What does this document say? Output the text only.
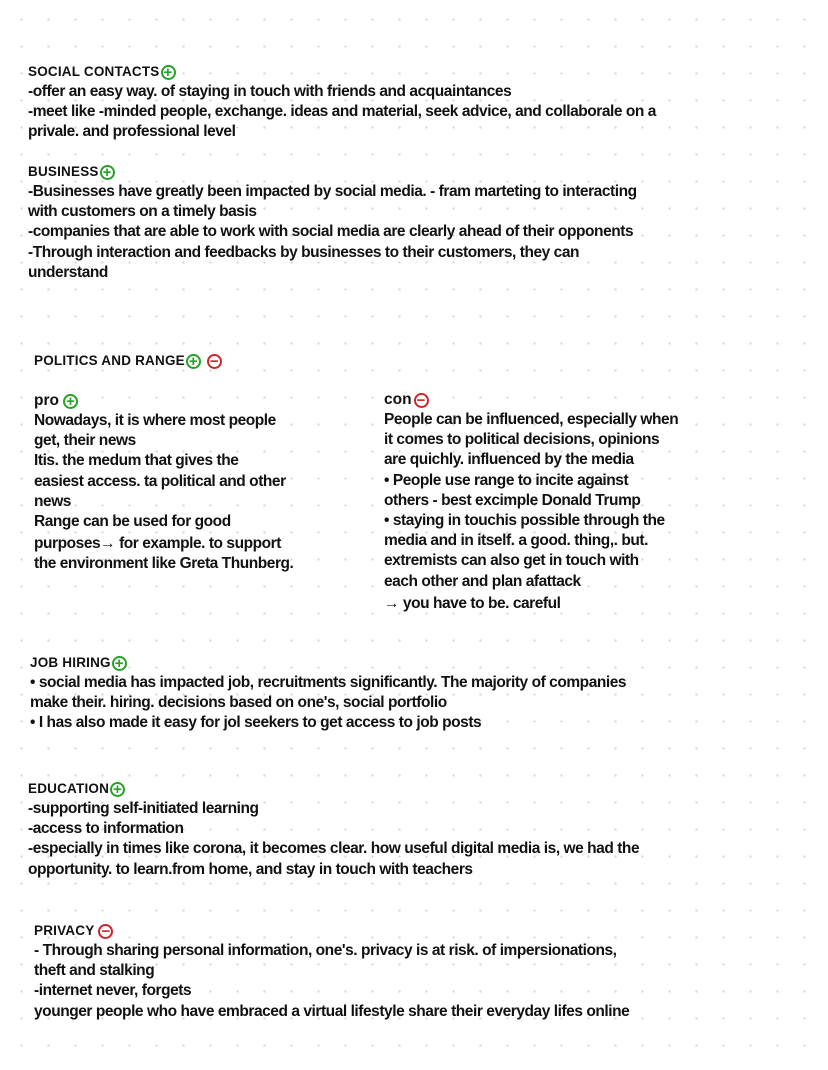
SOCIAL CONTACTS +
-offer an easy way. of staying in touch with friends and acquaintances
-meet like -minded people, exchange. ideas and material, seek advice, and collaborale on a
privale. and professional level
BUSINESS +
-Businesses have greatly been impacted by social media. - fram marteting to interacting
with customers on a timely basis
-companies that are able to work with social media are clearly ahead of their opponents
-Through interaction and feedbacks by businesses to their customers, they can
understand
POLITICS AND RANGE + −
pro +
Nowadays, it is where most people
get, their news
Itis. the medum that gives the
easiest access. ta political and other
news
Range can be used for good
purposes→ for example. to support
the environment like Greta Thunberg.
con −
People can be influenced, especially when
it comes to political decisions, opinions
are quichly. influenced by the media
• People use range to incite against
others - best excimple Donald Trump
• staying in touchis possible through the
media and in itself. a good. thing,. but.
extremists can also get in touch with
each other and plan afattack
→ you have to be. careful
JOB HIRING +
• social media has impacted job, recruitments significantly. The majority of companies
make their. hiring. decisions based on one's, social portfolio
• I has also made it easy for jol seekers to get access to job posts
EDUCATION +
-supporting self-initiated learning
-access to information
-especially in times like corona, it becomes clear. how useful digital media is, we had the
opportunity. to learn.from home, and stay in touch with teachers
PRIVACY −
- Through sharing personal information, one's. privacy is at risk. of impersionations,
theft and stalking
-internet never, forgets
younger people who have embraced a virtual lifestyle share their everyday lifes online
